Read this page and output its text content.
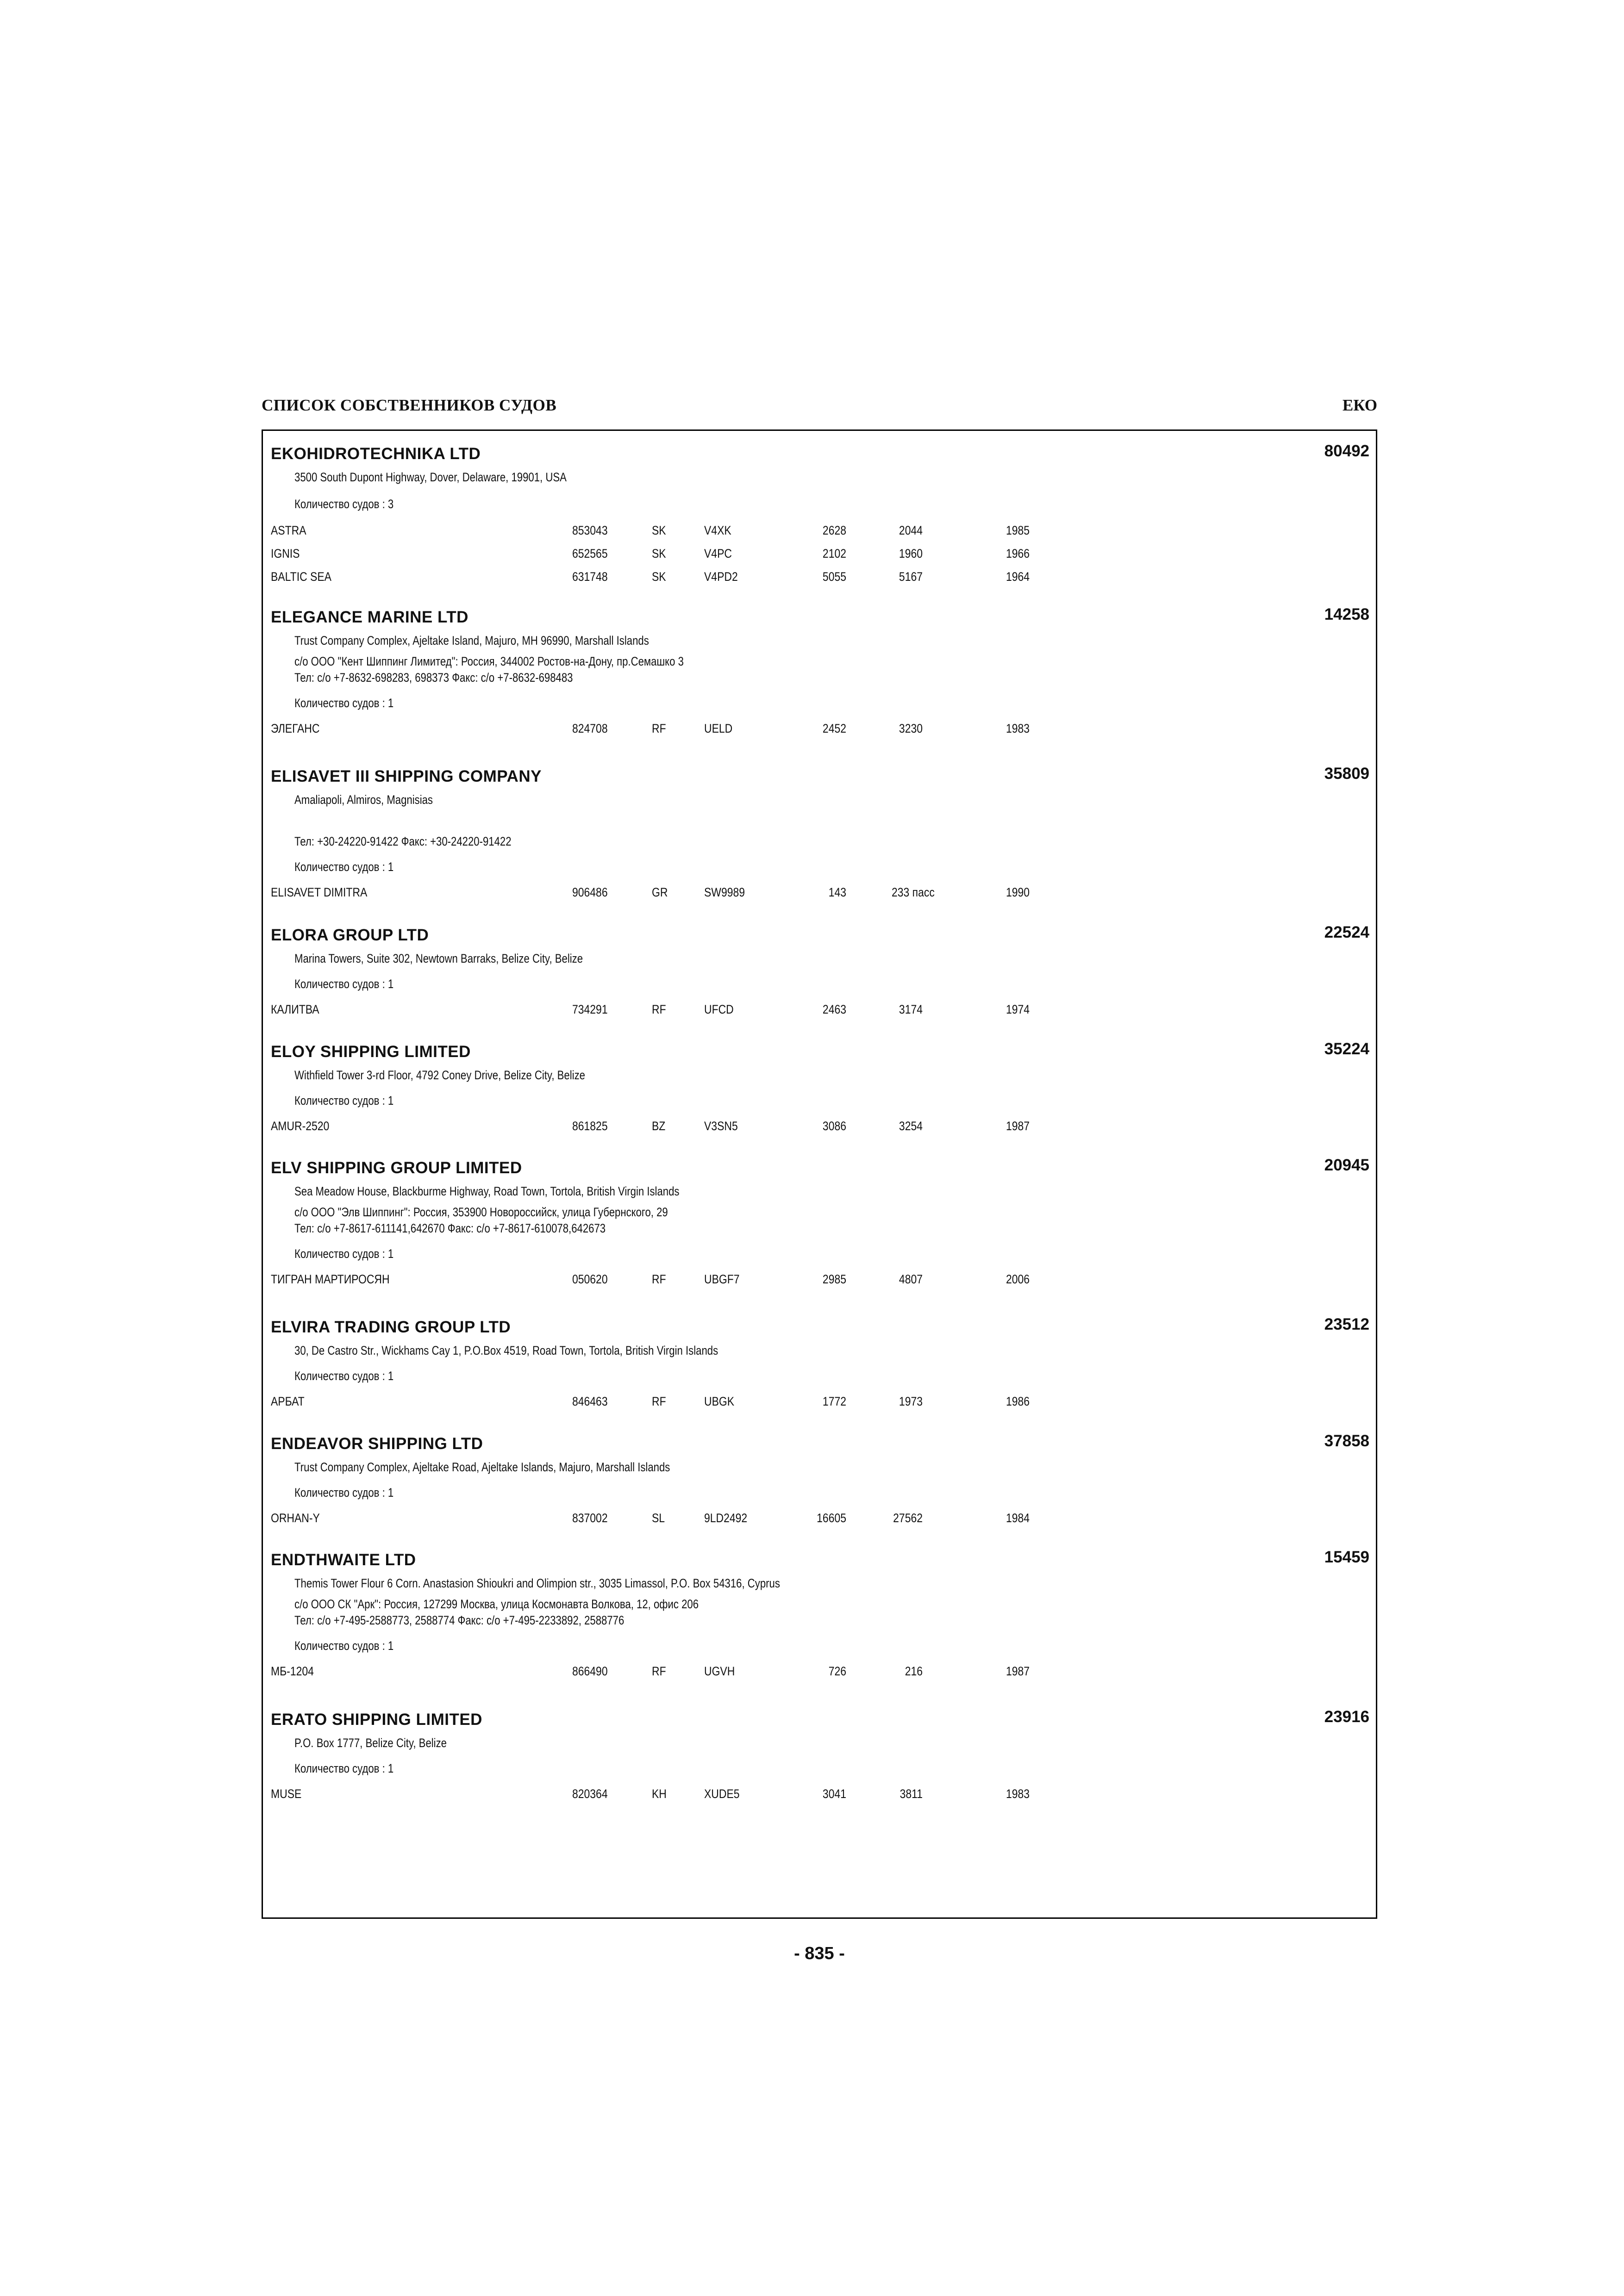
СПИСОК СОБСТВЕННИКОВ СУДОВ	ЕКО
EKOHIDROTECHNIKA LTD	80492
3500 South Dupont Highway, Dover, Delaware, 19901, USA
Количество судов : 3
ASTRA	853043	SK	V4XK	2628	2044	1985
IGNIS	652565	SK	V4PC	2102	1960	1966
BALTIC SEA	631748	SK	V4PD2	5055	5167	1964
ELEGANCE MARINE LTD	14258
Trust Company Complex, Ajeltake Island, Majuro, MH 96990, Marshall Islands
c/o ООО "Кент Шиппинг Лимитед": Россия, 344002 Ростов-на-Дону, пр.Семашко 3
Тел: c/o +7-8632-698283, 698373 Факс: c/o +7-8632-698483
Количество судов : 1
ЭЛЕГАНС	824708	RF	UELD	2452	3230	1983
ELISAVET III SHIPPING COMPANY	35809
Amaliapoli, Almiros, Magnisias
Тел: +30-24220-91422 Факс: +30-24220-91422
Количество судов : 1
ELISAVET DIMITRA	906486	GR	SW9989	143	233 пасс	1990
ELORA GROUP LTD	22524
Marina Towers, Suite 302, Newtown Barraks, Belize City, Belize
Количество судов : 1
КАЛИТВА	734291	RF	UFCD	2463	3174	1974
ELOY SHIPPING LIMITED	35224
Withfield Tower 3-rd Floor, 4792 Coney Drive, Belize City, Belize
Количество судов : 1
AMUR-2520	861825	BZ	V3SN5	3086	3254	1987
ELV SHIPPING GROUP LIMITED	20945
Sea Meadow House, Blackburme Highway, Road Town, Tortola, British Virgin Islands
c/o ООО "Элв Шиппинг": Россия, 353900 Новороссийск, улица Губернского, 29
Тел: c/o +7-8617-611141,642670 Факс: c/o +7-8617-610078,642673
Количество судов : 1
ТИГРАН МАРТИРОСЯН	050620	RF	UBGF7	2985	4807	2006
ELVIRA TRADING GROUP LTD	23512
30, De Castro Str., Wickhams Cay 1, P.O.Box 4519, Road Town, Tortola, British Virgin Islands
Количество судов : 1
АРБАТ	846463	RF	UBGK	1772	1973	1986
ENDEAVOR SHIPPING LTD	37858
Trust Company Complex, Ajeltake Road, Ajeltake Islands, Majuro, Marshall Islands
Количество судов : 1
ORHAN-Y	837002	SL	9LD2492	16605	27562	1984
ENDTHWAITE LTD	15459
Themis Tower Flour 6 Corn. Anastasion Shioukri and Olimpion str., 3035 Limassol, P.O. Box 54316, Cyprus
c/o ООО СК "Арк": Россия, 127299 Москва, улица Космонавта Волкова, 12, офис 206
Тел: c/o +7-495-2588773, 2588774 Факс: c/o +7-495-2233892, 2588776
Количество судов : 1
МБ-1204	866490	RF	UGVH	726	216	1987
ERATO SHIPPING LIMITED	23916
P.O. Box 1777, Belize City, Belize
Количество судов : 1
MUSE	820364	KH	XUDE5	3041	3811	1983
- 835 -
